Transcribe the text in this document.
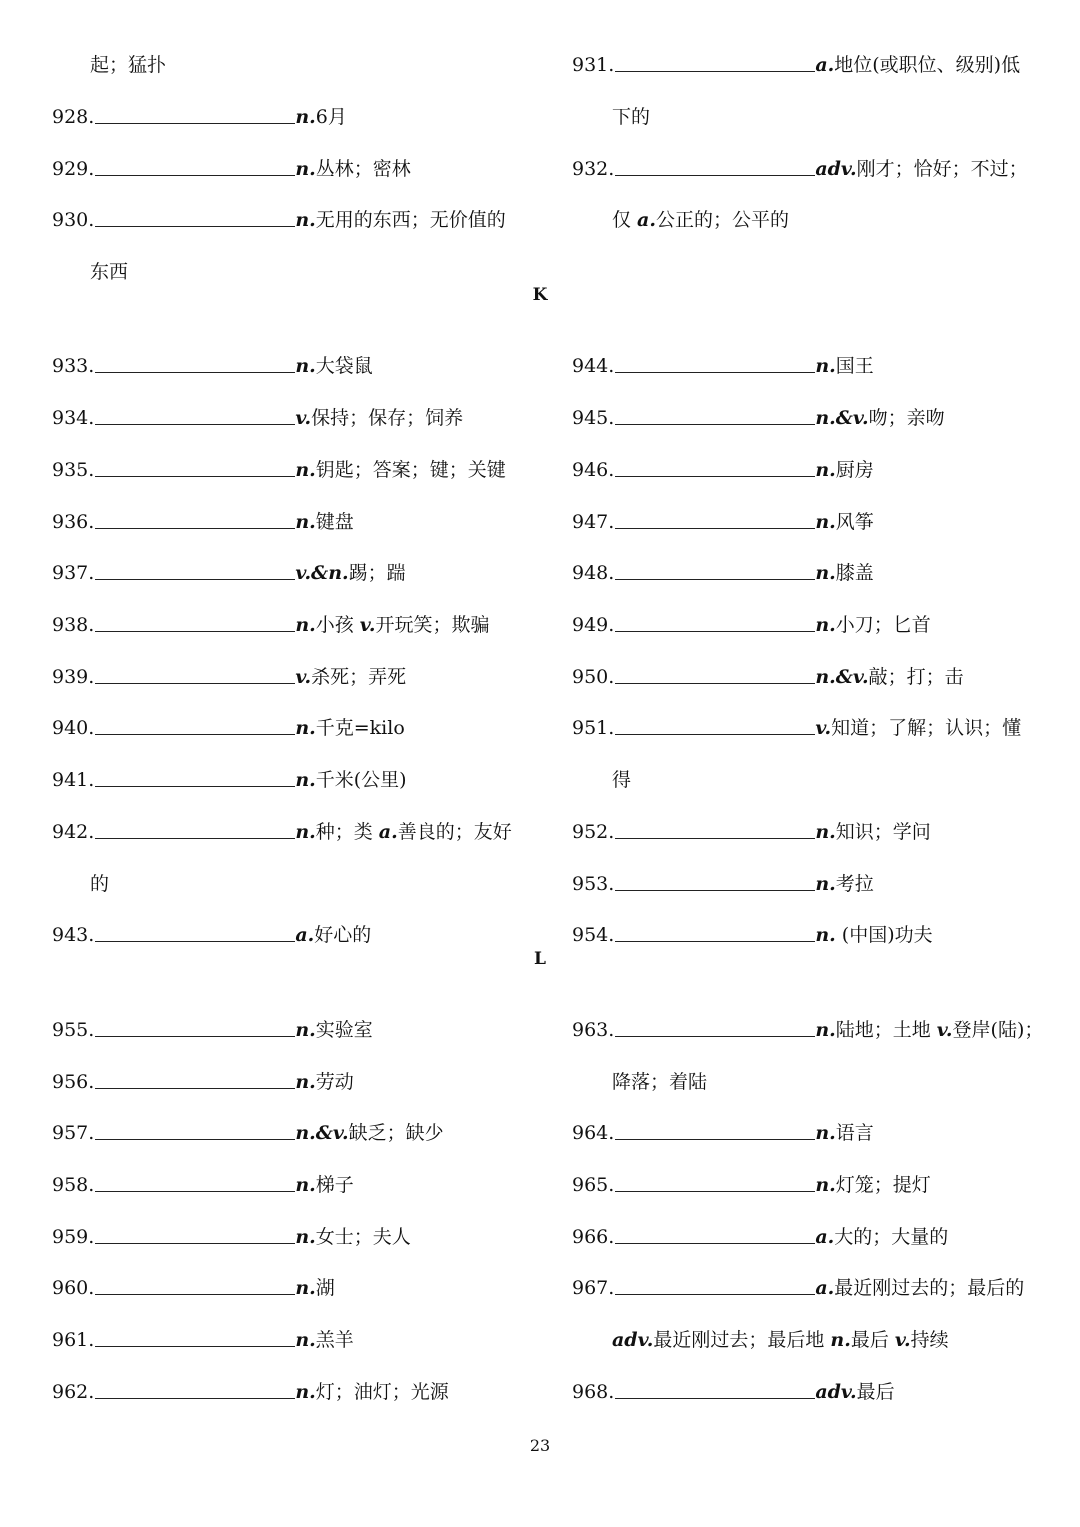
起；猛扑
928.	n.6月
929.	n.丛林；密林
930.	n.无用的东西；无价值的
东西
931.	a.地位(或职位、级别)低
下的
932.	adv.刚才；恰好；不过；
仅 a.公正的；公平的
K
933.	n.大袋鼠
934.	v.保持；保存；饲养
935.	n.钥匙；答案；键；关键
936.	n.键盘
937.	v.&n.踢；踹
938.	n.小孩 v.开玩笑；欺骗
939.	v.杀死；弄死
940.	n.千克=kilo
941.	n.千米(公里)
942.	n.种；类 a.善良的；友好
的
943.	a.好心的
944.	n.国王
945.	n.&v.吻；亲吻
946.	n.厨房
947.	n.风筝
948.	n.膝盖
949.	n.小刀；匕首
950.	n.&v.敲；打；击
951.	v.知道；了解；认识；懂
得
952.	n.知识；学问
953.	n.考拉
954.	n. (中国)功夫
L
955.	n.实验室
956.	n.劳动
957.	n.&v.缺乏；缺少
958.	n.梯子
959.	n.女士；夫人
960.	n.湖
961.	n.羔羊
962.	n.灯；油灯；光源
963.	n.陆地；土地 v.登岸(陆)；
降落；着陆
964.	n.语言
965.	n.灯笼；提灯
966.	a.大的；大量的
967.	a.最近刚过去的；最后的
adv.最近刚过去；最后地 n.最后 v.持续
968.	adv.最后
23
